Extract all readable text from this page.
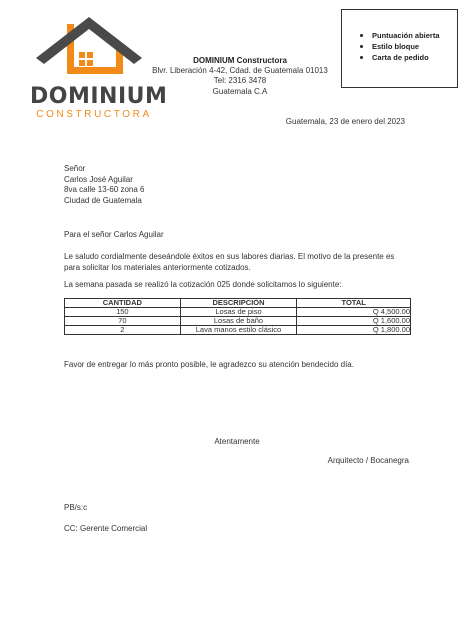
DOMINIUM
CONSTRUCTORA
DOMINIUM Constructora
Blvr. Liberación 4-42, Cdad. de Guatemala 01013
Tel: 2316 3478
Guatemala C.A
Puntuación abierta
Estilo bloque
Carta de pedido
Guatemala, 23 de enero del 2023
Señor
Carlos José Aguilar
8va calle 13-60 zona 6
Ciudad de Guatemala
Para el señor Carlos Aguilar
Le saludo cordialmente deseándole éxitos en sus labores diarias. El motivo de la presente es para solicitar los materiales anteriormente cotizados.
La semana pasada se realizó la cotización 025 donde solicitamos lo siguiente:
CANTIDAD	DESCRIPCIÓN	TOTAL
150	Losas de piso	Q 4,500.00
70	Losas de baño	Q 1,600.00
2	Lava manos estilo clásico	Q 1,800.00
Favor de entregar lo más pronto posible, le agradezco su atención bendecido día.
Atentamente
Arquitecto / Bocanegra
PB/s:c
CC: Gerente Comercial
